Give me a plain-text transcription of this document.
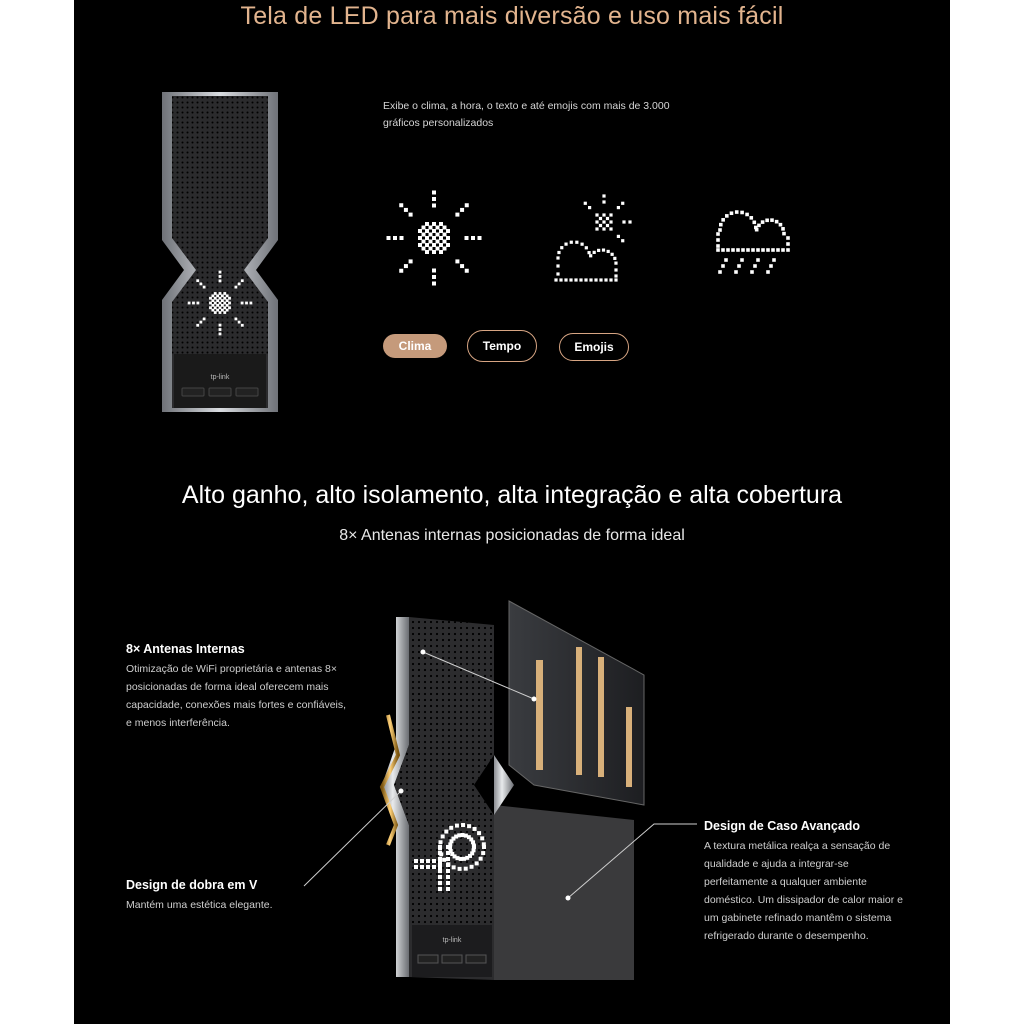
Tela de LED para mais diversão e uso mais fácil
tp-link
Exibe o clima, a hora, o texto e até emojis com mais de 3.000 gráficos personalizados
Clima	Tempo	Emojis
Alto ganho, alto isolamento, alta integração e alta cobertura
8× Antenas internas posicionadas de forma ideal
tp-link
8× Antenas Internas
Otimização de WiFi proprietária e antenas 8× posicionadas de forma ideal oferecem mais capacidade, conexões mais fortes e confiáveis, e menos interferência.
Design de dobra em V
Mantém uma estética elegante.
Design de Caso Avançado
A textura metálica realça a sensação de qualidade e ajuda a integrar-se perfeitamente a qualquer ambiente doméstico. Um dissipador de calor maior e um gabinete refinado mantêm o sistema refrigerado durante o desempenho.
